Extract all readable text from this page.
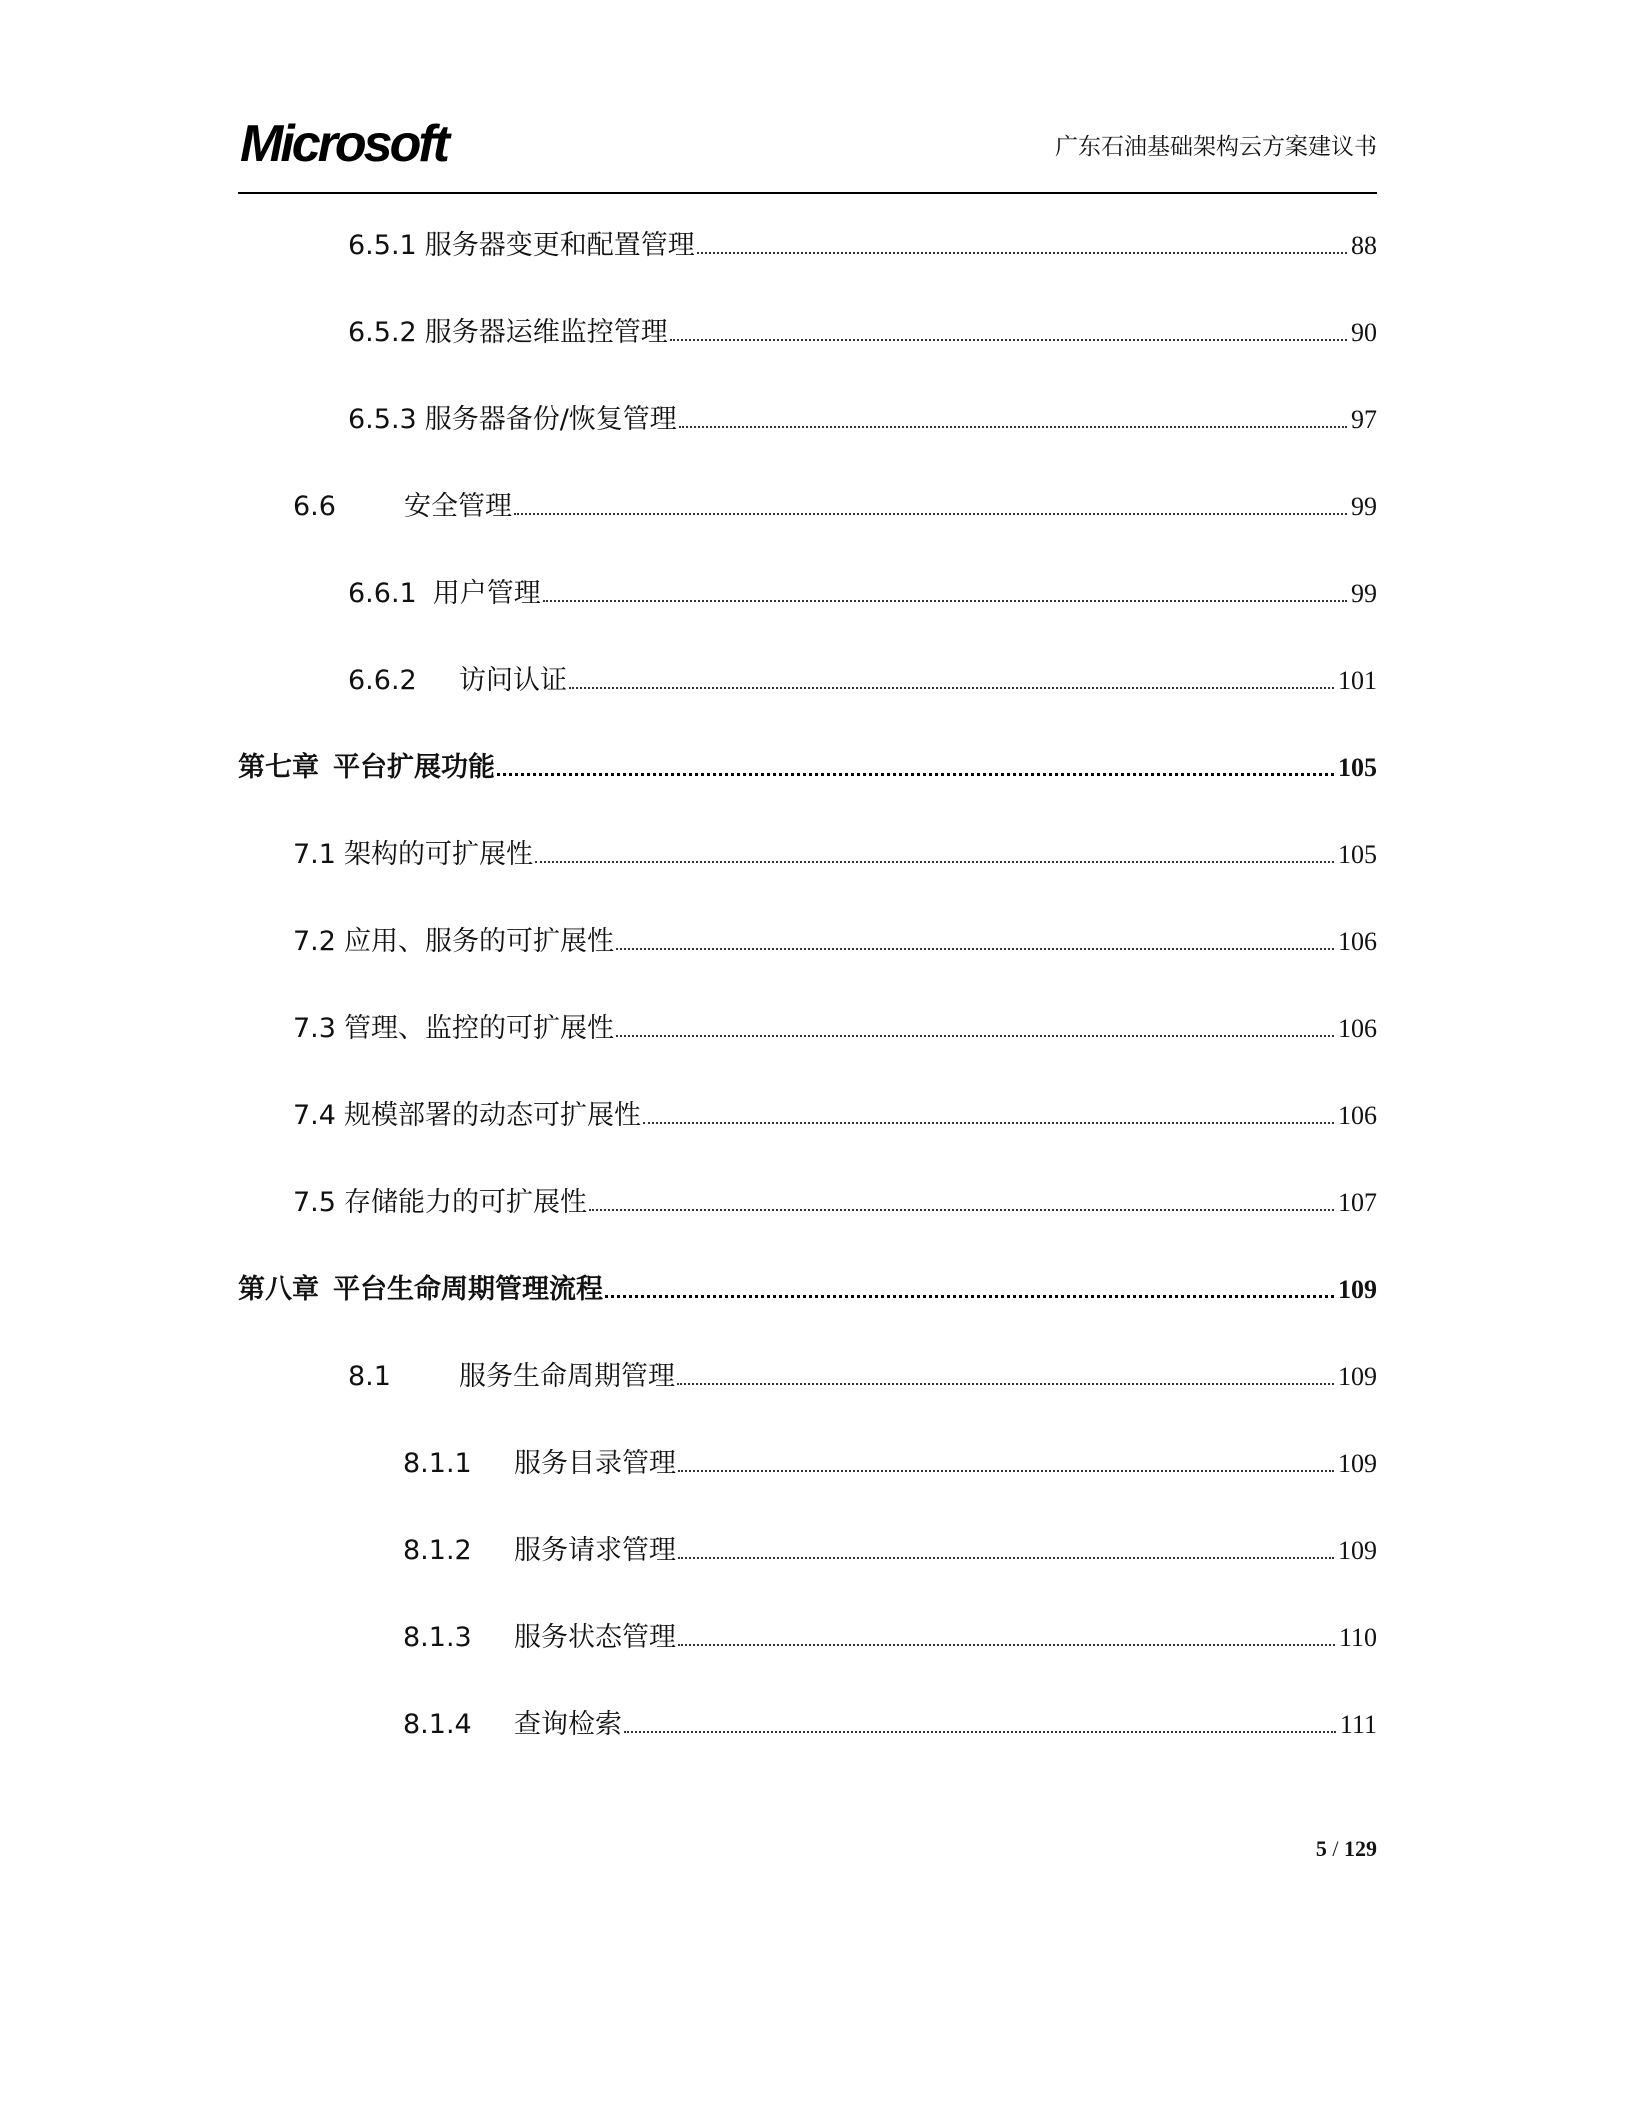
Microsoft	广东石油基础架构云方案建议书
6.5.1 服务器变更和配置管理	88
6.5.2 服务器运维监控管理	90
6.5.3 服务器备份/恢复管理	97
6.6	安全管理	99
6.6.1 用户管理	99
6.6.2	访问认证	101
第七章 平台扩展功能	105
7.1 架构的可扩展性	105
7.2 应用、服务的可扩展性	106
7.3 管理、监控的可扩展性	106
7.4 规模部署的动态可扩展性	106
7.5 存储能力的可扩展性	107
第八章 平台生命周期管理流程	109
8.1	服务生命周期管理	109
8.1.1	服务目录管理	109
8.1.2	服务请求管理	109
8.1.3	服务状态管理	110
8.1.4	查询检索	111
5 / 129
